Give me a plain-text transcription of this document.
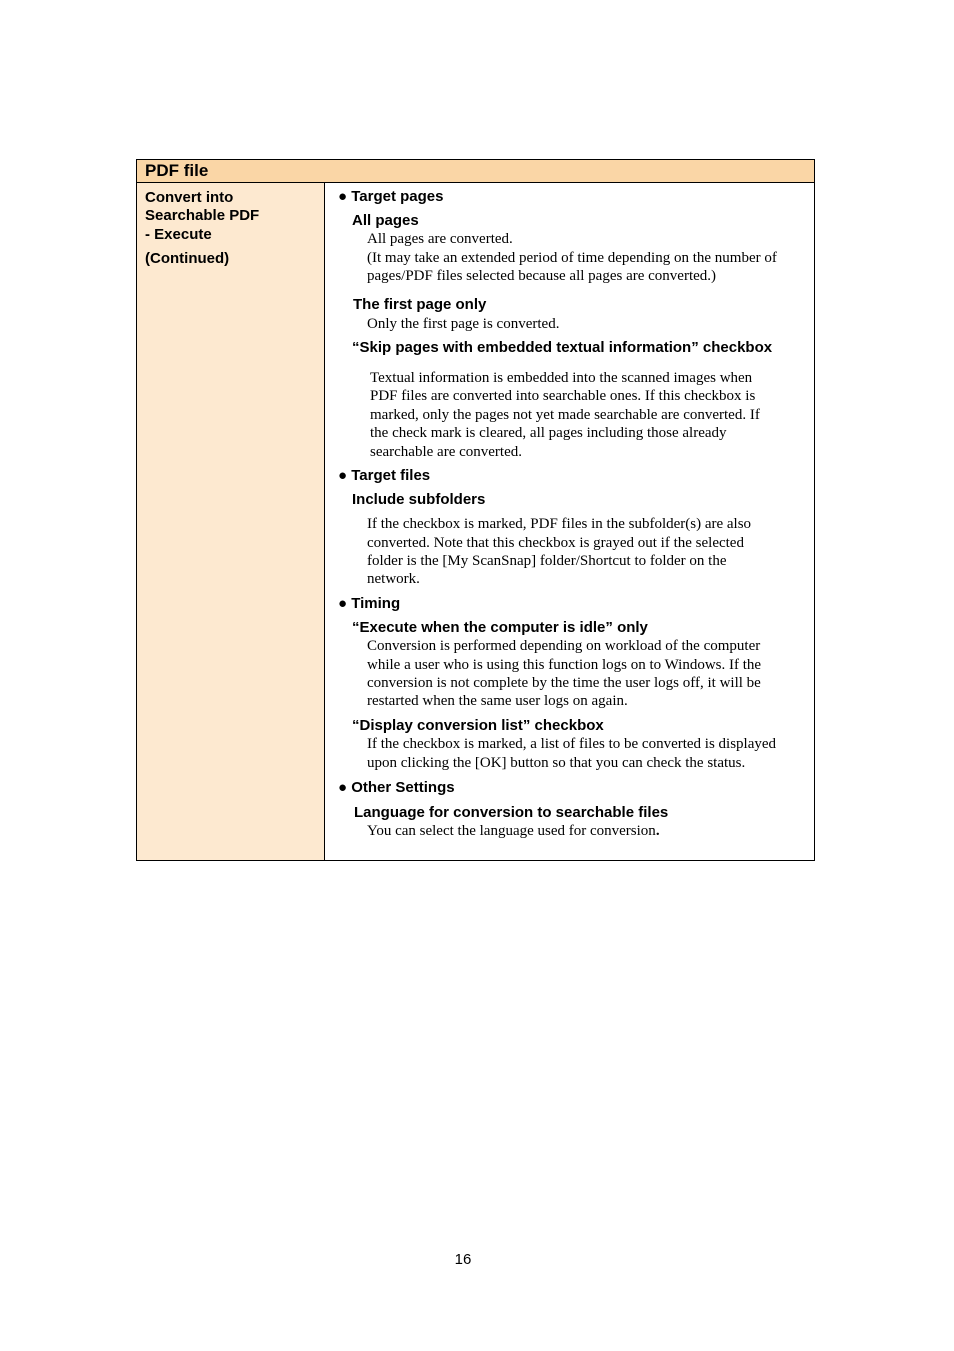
PDF file
Convert into
Searchable PDF
- Execute
(Continued)
● Target pages
All pages
All pages are converted.
(It may take an extended period of time depending on the number of
pages/PDF files selected because all pages are converted.)
The first page only
Only the first page is converted.
“Skip pages with embedded textual information” checkbox
Textual information is embedded into the scanned images when
PDF files are converted into searchable ones. If this checkbox is
marked, only the pages not yet made searchable are converted. If
the check mark is cleared, all pages including those already
searchable are converted.
● Target files
Include subfolders
If the checkbox is marked, PDF files in the subfolder(s) are also
converted. Note that this checkbox is grayed out if the selected
folder is the [My ScanSnap] folder/Shortcut to folder on the
network.
● Timing
“Execute when the computer is idle” only
Conversion is performed depending on workload of the computer
while a user who is using this function logs on to Windows. If the
conversion is not complete by the time the user logs off, it will be
restarted when the same user logs on again.
“Display conversion list” checkbox
If the checkbox is marked, a list of files to be converted is displayed
upon clicking the [OK] button so that you can check the status.
● Other Settings
Language for conversion to searchable files
You can select the language used for conversion.
16
